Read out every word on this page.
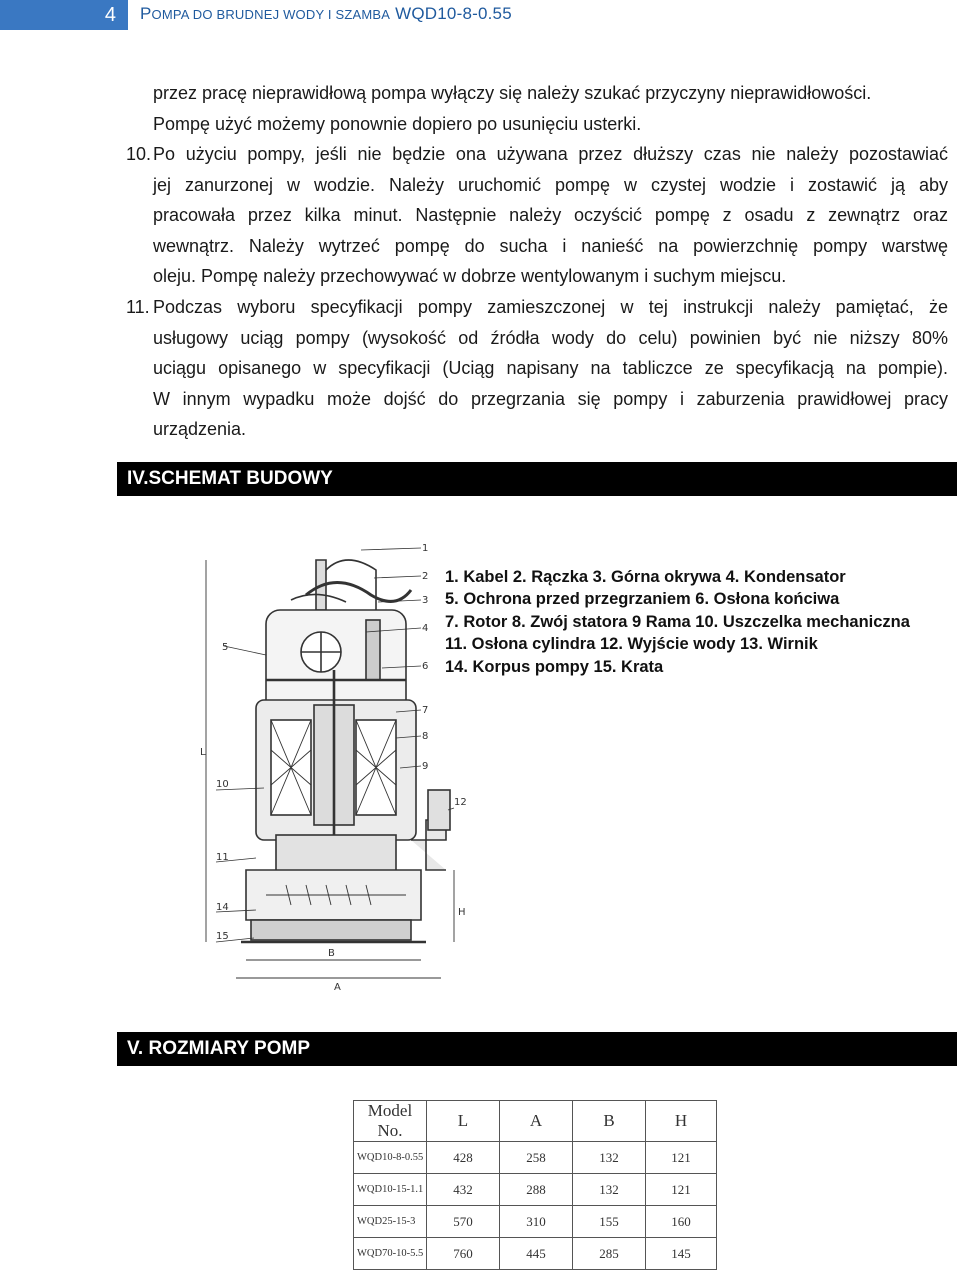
4	POMPA DO BRUDNEJ WODY I SZAMBA WQD10-8-0.55
przez pracę nieprawidłową pompa wyłączy się należy szukać przyczyny nieprawidłowości.
Pompę użyć możemy ponownie dopiero po usunięciu usterki.
10. Po użyciu pompy, jeśli nie będzie ona używana przez dłuższy czas nie należy pozostawiać
jej zanurzonej w wodzie. Należy uruchomić pompę w czystej wodzie i zostawić ją aby
pracowała przez kilka minut. Następnie należy oczyścić pompę z osadu z zewnątrz oraz
wewnątrz. Należy wytrzeć pompę do sucha i nanieść na powierzchnię pompy warstwę
oleju. Pompę należy przechowywać w dobrze wentylowanym i suchym miejscu.
11. Podczas wyboru specyfikacji pompy zamieszczonej w tej instrukcji należy pamiętać, że
usługowy uciąg pompy (wysokość od źródła wody do celu) powinien być nie niższy 80%
uciągu opisanego w specyfikacji (Uciąg napisany na tabliczce ze specyfikacją na pompie).
W innym wypadku może dojść do przegrzania się pompy i zaburzenia prawidłowej pracy
urządzenia.
IV.SCHEMAT BUDOWY
1
2
3
4
5
6
7
8
9
10
11
12
14
15
L
H
B
A
1. Kabel 2. Rączka 3. Górna okrywa 4. Kondensator
5. Ochrona przed przegrzaniem 6. Osłona końciwa
7. Rotor 8. Zwój statora 9 Rama 10. Uszczelka mechaniczna
11. Osłona cylindra 12. Wyjście wody 13. Wirnik
14. Korpus pompy 15. Krata
V. ROZMIARY POMP
Model No.	L	A	B	H
WQD10-8-0.55	428	258	132	121
WQD10-15-1.1	432	288	132	121
WQD25-15-3	570	310	155	160
WQD70-10-5.5	760	445	285	145
